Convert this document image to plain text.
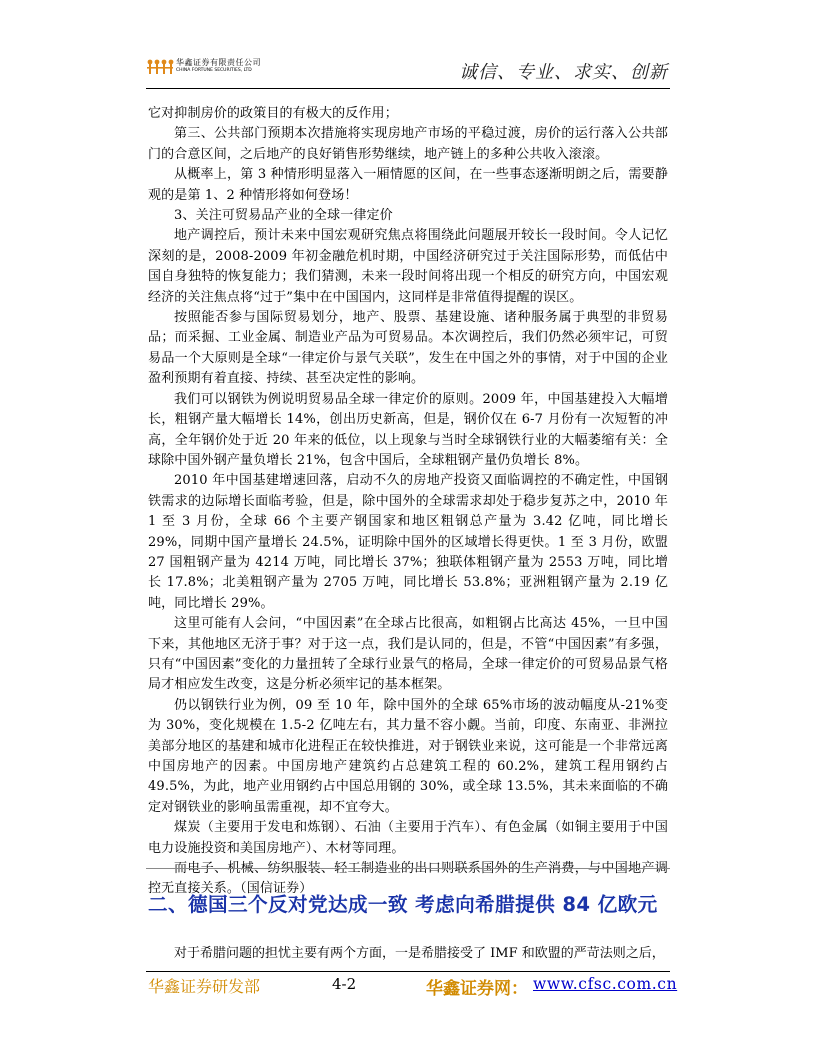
华鑫证券有限责任公司
CHINA FORTUNE SECURITIES, LTD	诚信、专业、求实、创新

它对抑制房价的政策目的有极大的反作用；

第三、公共部门预期本次措施将实现房地产市场的平稳过渡，房价的运行落入公共部门的合意区间，之后地产的良好销售形势继续，地产链上的多种公共收入滚滚。

从概率上，第 3 种情形明显落入一厢情愿的区间，在一些事态逐渐明朗之后，需要静观的是第 1、2 种情形将如何登场！

3、关注可贸易品产业的全球一律定价

地产调控后，预计未来中国宏观研究焦点将围绕此问题展开较长一段时间。令人记忆深刻的是，2008-2009 年初金融危机时期，中国经济研究过于关注国际形势，而低估中国自身独特的恢复能力；我们猜测，未来一段时间将出现一个相反的研究方向，中国宏观经济的关注焦点将“过于”集中在中国国内，这同样是非常值得提醒的误区。

按照能否参与国际贸易划分，地产、股票、基建设施、诸种服务属于典型的非贸易品；而采掘、工业金属、制造业产品为可贸易品。本次调控后，我们仍然必须牢记，可贸易品一个大原则是全球“一律定价与景气关联”，发生在中国之外的事情，对于中国的企业盈利预期有着直接、持续、甚至决定性的影响。

我们可以钢铁为例说明贸易品全球一律定价的原则。2009 年，中国基建投入大幅增长，粗钢产量大幅增长 14%，创出历史新高，但是，钢价仅在 6-7 月份有一次短暂的冲高，全年钢价处于近 20 年来的低位，以上现象与当时全球钢铁行业的大幅萎缩有关：全球除中国外钢产量负增长 21%，包含中国后，全球粗钢产量仍负增长 8%。

2010 年中国基建增速回落，启动不久的房地产投资又面临调控的不确定性，中国钢铁需求的边际增长面临考验，但是，除中国外的全球需求却处于稳步复苏之中，2010 年 1 至 3 月份，全球 66 个主要产钢国家和地区粗钢总产量为 3.42 亿吨，同比增长 29%，同期中国产量增长 24.5%，证明除中国外的区域增长得更快。1 至 3 月份，欧盟 27 国粗钢产量为 4214 万吨，同比增长 37%；独联体粗钢产量为 2553 万吨，同比增长 17.8%；北美粗钢产量为 2705 万吨，同比增长 53.8%；亚洲粗钢产量为 2.19 亿吨，同比增长 29%。

这里可能有人会问，“中国因素”在全球占比很高，如粗钢占比高达 45%，一旦中国下来，其他地区无济于事？对于这一点，我们是认同的，但是，不管“中国因素”有多强，只有“中国因素”变化的力量扭转了全球行业景气的格局，全球一律定价的可贸易品景气格局才相应发生改变，这是分析必须牢记的基本框架。

仍以钢铁行业为例，09 至 10 年，除中国外的全球 65%市场的波动幅度从-21%变为 30%，变化规模在 1.5-2 亿吨左右，其力量不容小觑。当前，印度、东南亚、非洲拉美部分地区的基建和城市化进程正在较快推进，对于钢铁业来说，这可能是一个非常远离中国房地产的因素。中国房地产建筑约占总建筑工程的 60.2%，建筑工程用钢约占 49.5%，为此，地产业用钢约占中国总用钢的 30%，或全球 13.5%，其未来面临的不确定对钢铁业的影响虽需重视，却不宜夸大。

煤炭（主要用于发电和炼钢）、石油（主要用于汽车）、有色金属（如铜主要用于中国电力设施投资和美国房地产）、木材等同理。

而电子、机械、纺织服装、轻工制造业的出口则联系国外的生产消费，与中国地产调控无直接关系。（国信证券）

二、德国三个反对党达成一致 考虑向希腊提供 84 亿欧元

对于希腊问题的担忧主要有两个方面，一是希腊接受了 IMF 和欧盟的严苛法则之后，

华鑫证券研发部	4-2	华鑫证券网： www.cfsc.com.cn
